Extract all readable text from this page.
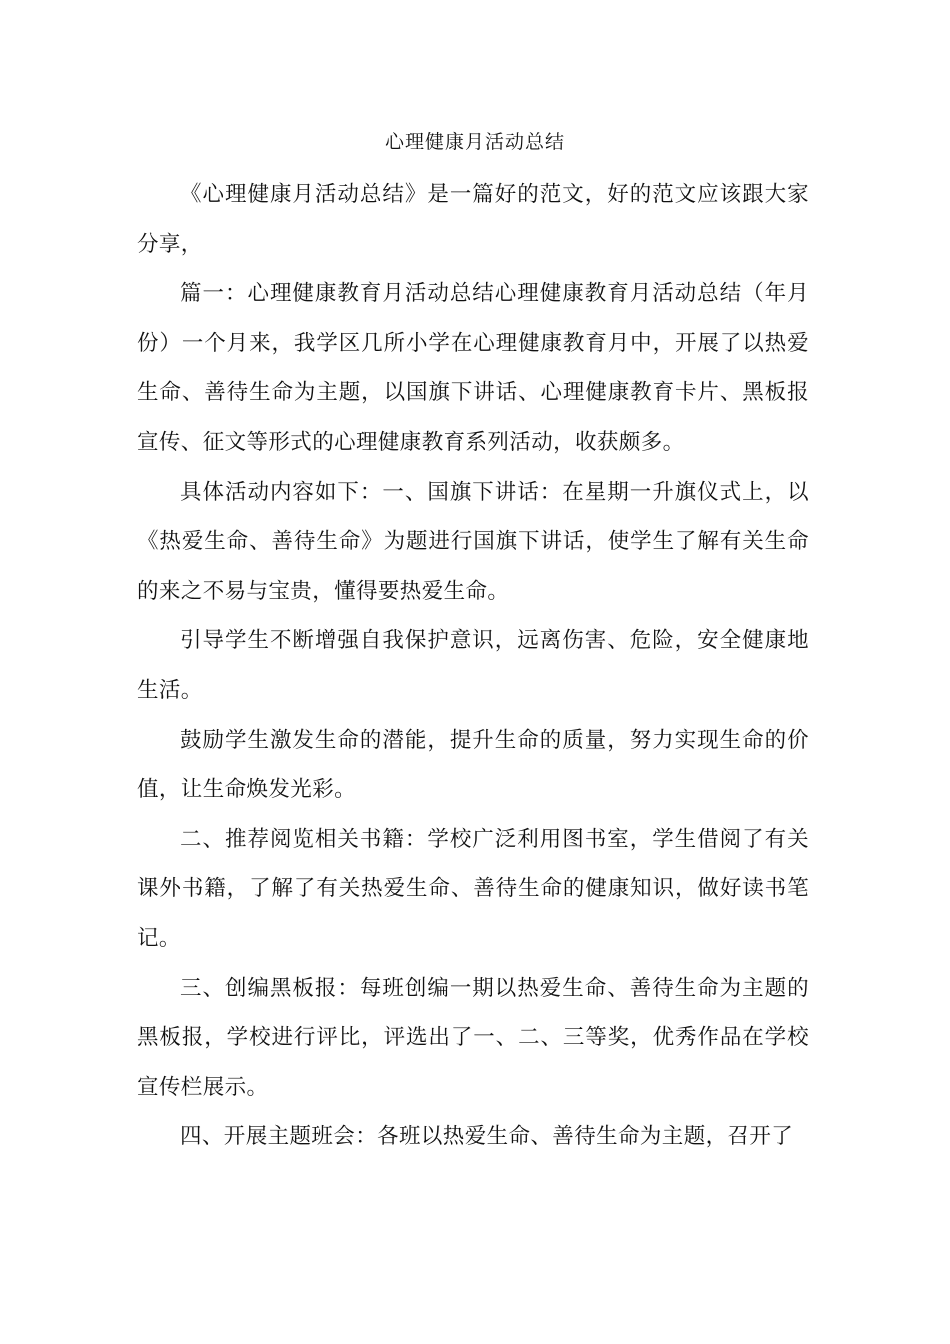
心理健康月活动总结

《心理健康月活动总结》是一篇好的范文，好的范文应该跟大家分享，

篇一：心理健康教育月活动总结心理健康教育月活动总结（年月份）一个月来，我学区几所小学在心理健康教育月中，开展了以热爱生命、善待生命为主题，以国旗下讲话、心理健康教育卡片、黑板报宣传、征文等形式的心理健康教育系列活动，收获颇多。

具体活动内容如下：一、国旗下讲话：在星期一升旗仪式上，以《热爱生命、善待生命》为题进行国旗下讲话，使学生了解有关生命的来之不易与宝贵，懂得要热爱生命。

引导学生不断增强自我保护意识，远离伤害、危险，安全健康地生活。

鼓励学生激发生命的潜能，提升生命的质量，努力实现生命的价值，让生命焕发光彩。

二、推荐阅览相关书籍：学校广泛利用图书室，学生借阅了有关课外书籍，了解了有关热爱生命、善待生命的健康知识，做好读书笔记。

三、创编黑板报：每班创编一期以热爱生命、善待生命为主题的黑板报，学校进行评比，评选出了一、二、三等奖，优秀作品在学校宣传栏展示。

四、开展主题班会：各班以热爱生命、善待生命为主题，召开了
